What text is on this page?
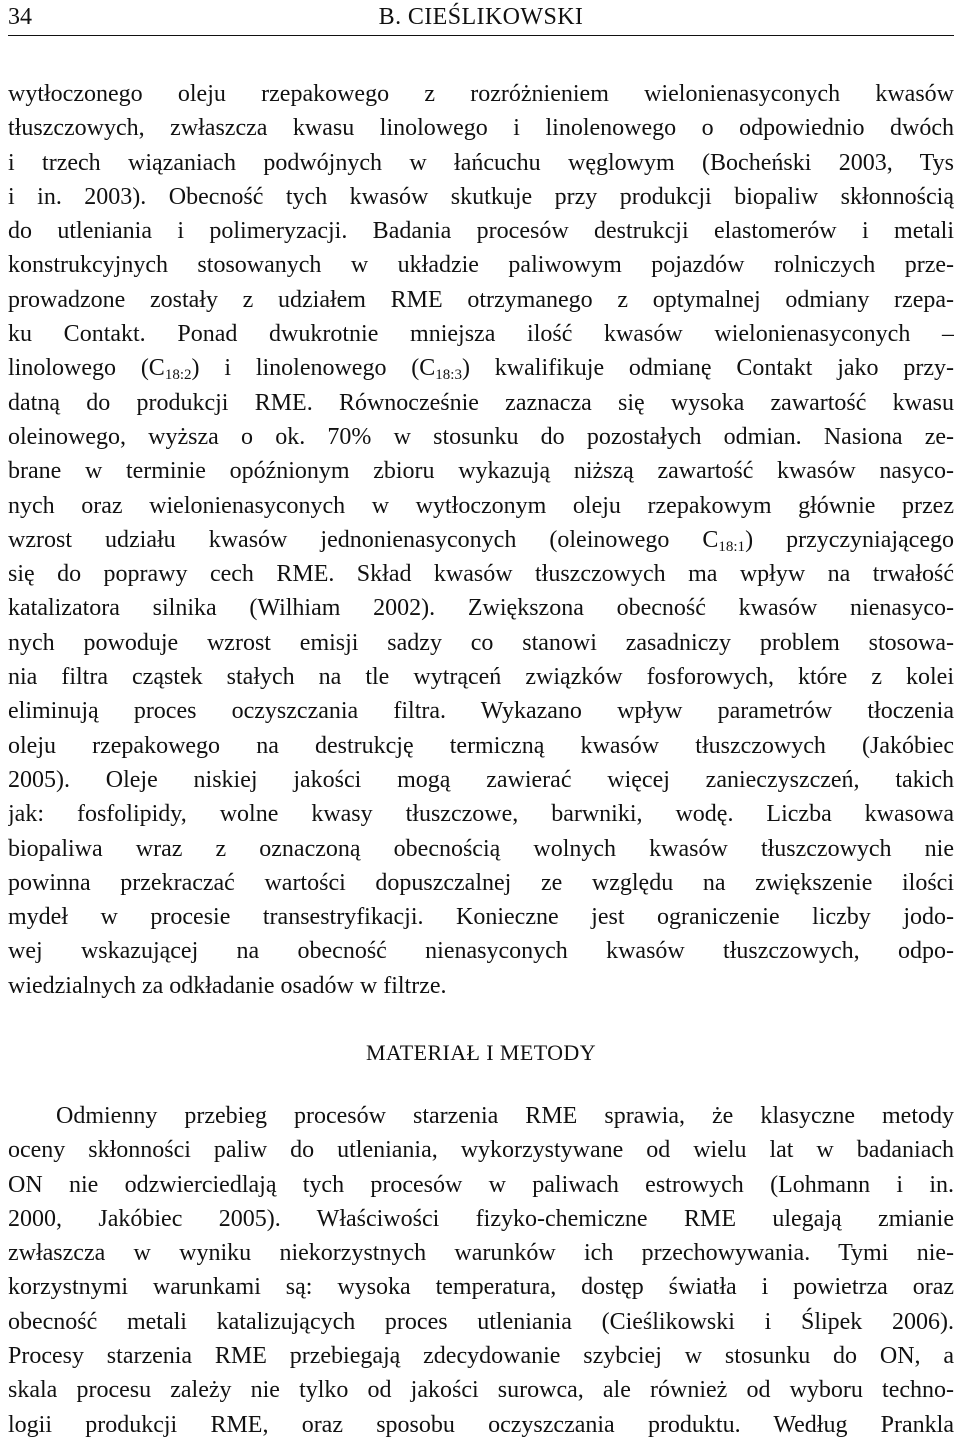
34	B. CIEŚLIKOWSKI
wytłoczonego oleju rzepakowego z rozróżnieniem wielonienasyconych kwasów
tłuszczowych, zwłaszcza kwasu linolowego i linolenowego o odpowiednio dwóch
i trzech wiązaniach podwójnych w łańcuchu węglowym (Bocheński 2003, Tys
i in. 2003). Obecność tych kwasów skutkuje przy produkcji biopaliw skłonnością
do utleniania i polimeryzacji. Badania procesów destrukcji elastomerów i metali
konstrukcyjnych stosowanych w układzie paliwowym pojazdów rolniczych prze-
prowadzone zostały z udziałem RME otrzymanego z optymalnej odmiany rzepa-
ku Contakt. Ponad dwukrotnie mniejsza ilość kwasów wielonienasyconych –
linolowego $(C_{18:2})$ i linolenowego $(C_{18:3})$ kwalifikuje odmianę Contakt jako przy-
datną do produkcji RME. Równocześnie zaznacza się wysoka zawartość kwasu
oleinowego, wyższa o ok. 70% w stosunku do pozostałych odmian. Nasiona ze-
brane w terminie opóźnionym zbioru wykazują niższą zawartość kwasów nasyco-
nych oraz wielonienasyconych w wytłoczonym oleju rzepakowym głównie przez
wzrost udziału kwasów jednonienasyconych (oleinowego $C_{18:1}$) przyczyniającego
się do poprawy cech RME. Skład kwasów tłuszczowych ma wpływ na trwałość
katalizatora silnika (Wilhiam 2002). Zwiększona obecność kwasów nienasyco-
nych powoduje wzrost emisji sadzy co stanowi zasadniczy problem stosowa-
nia filtra cząstek stałych na tle wytrąceń związków fosforowych, które z kolei
eliminują proces oczyszczania filtra. Wykazano wpływ parametrów tłoczenia
oleju rzepakowego na destrukcję termiczną kwasów tłuszczowych (Jakóbiec
2005). Oleje niskiej jakości mogą zawierać więcej zanieczyszczeń, takich
jak: fosfolipidy, wolne kwasy tłuszczowe, barwniki, wodę. Liczba kwasowa
biopaliwa wraz z oznaczoną obecnością wolnych kwasów tłuszczowych nie
powinna przekraczać wartości dopuszczalnej ze względu na zwiększenie ilości
mydeł w procesie transestryfikacji. Konieczne jest ograniczenie liczby jodo-
wej wskazującej na obecność nienasyconych kwasów tłuszczowych, odpo-
wiedzialnych za odkładanie osadów w filtrze.
MATERIAŁ I METODY
Odmienny przebieg procesów starzenia RME sprawia, że klasyczne metody
oceny skłonności paliw do utleniania, wykorzystywane od wielu lat w badaniach
ON nie odzwierciedlają tych procesów w paliwach estrowych (Lohmann i in.
2000, Jakóbiec 2005). Właściwości fizyko-chemiczne RME ulegają zmianie
zwłaszcza w wyniku niekorzystnych warunków ich przechowywania. Tymi nie-
korzystnymi warunkami są: wysoka temperatura, dostęp światła i powietrza oraz
obecność metali katalizujących proces utleniania (Cieślikowski i Ślipek 2006).
Procesy starzenia RME przebiegają zdecydowanie szybciej w stosunku do ON, a
skala procesu zależy nie tylko od jakości surowca, ale również od wyboru techno-
logii produkcji RME, oraz sposobu oczyszczania produktu. Według Prankla
